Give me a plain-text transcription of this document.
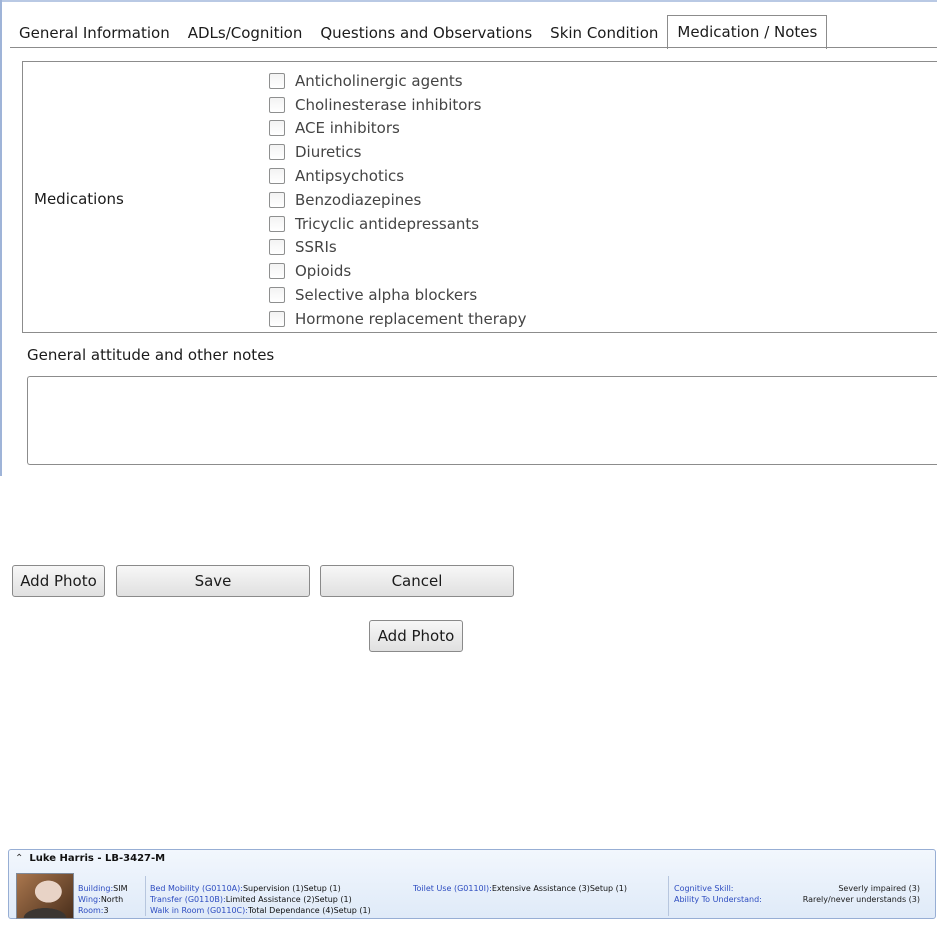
General Information	ADLs/Cognition	Questions and Observations	Skin Condition	Medication / Notes
Medications
Anticholinergic agents
Cholinesterase inhibitors
ACE inhibitors
Diuretics
Antipsychotics
Benzodiazepines
Tricyclic antidepressants
SSRIs
Opioids
Selective alpha blockers
Hormone replacement therapy
General attitude and other notes
Add Photo	Save	Cancel
Add Photo
⌃ Luke Harris - LB-3427-M
Building:SIM
Wing:North
Room:3
Bed Mobility (G0110A):Supervision (1)Setup (1)
Transfer (G0110B):Limited Assistance (2)Setup (1)
Walk in Room (G0110C):Total Dependance (4)Setup (1)
Toilet Use (G0110I):Extensive Assistance (3)Setup (1)	Cognitive Skill:	Severly impaired (3)
Ability To Understand:	Rarely/never understands (3)
